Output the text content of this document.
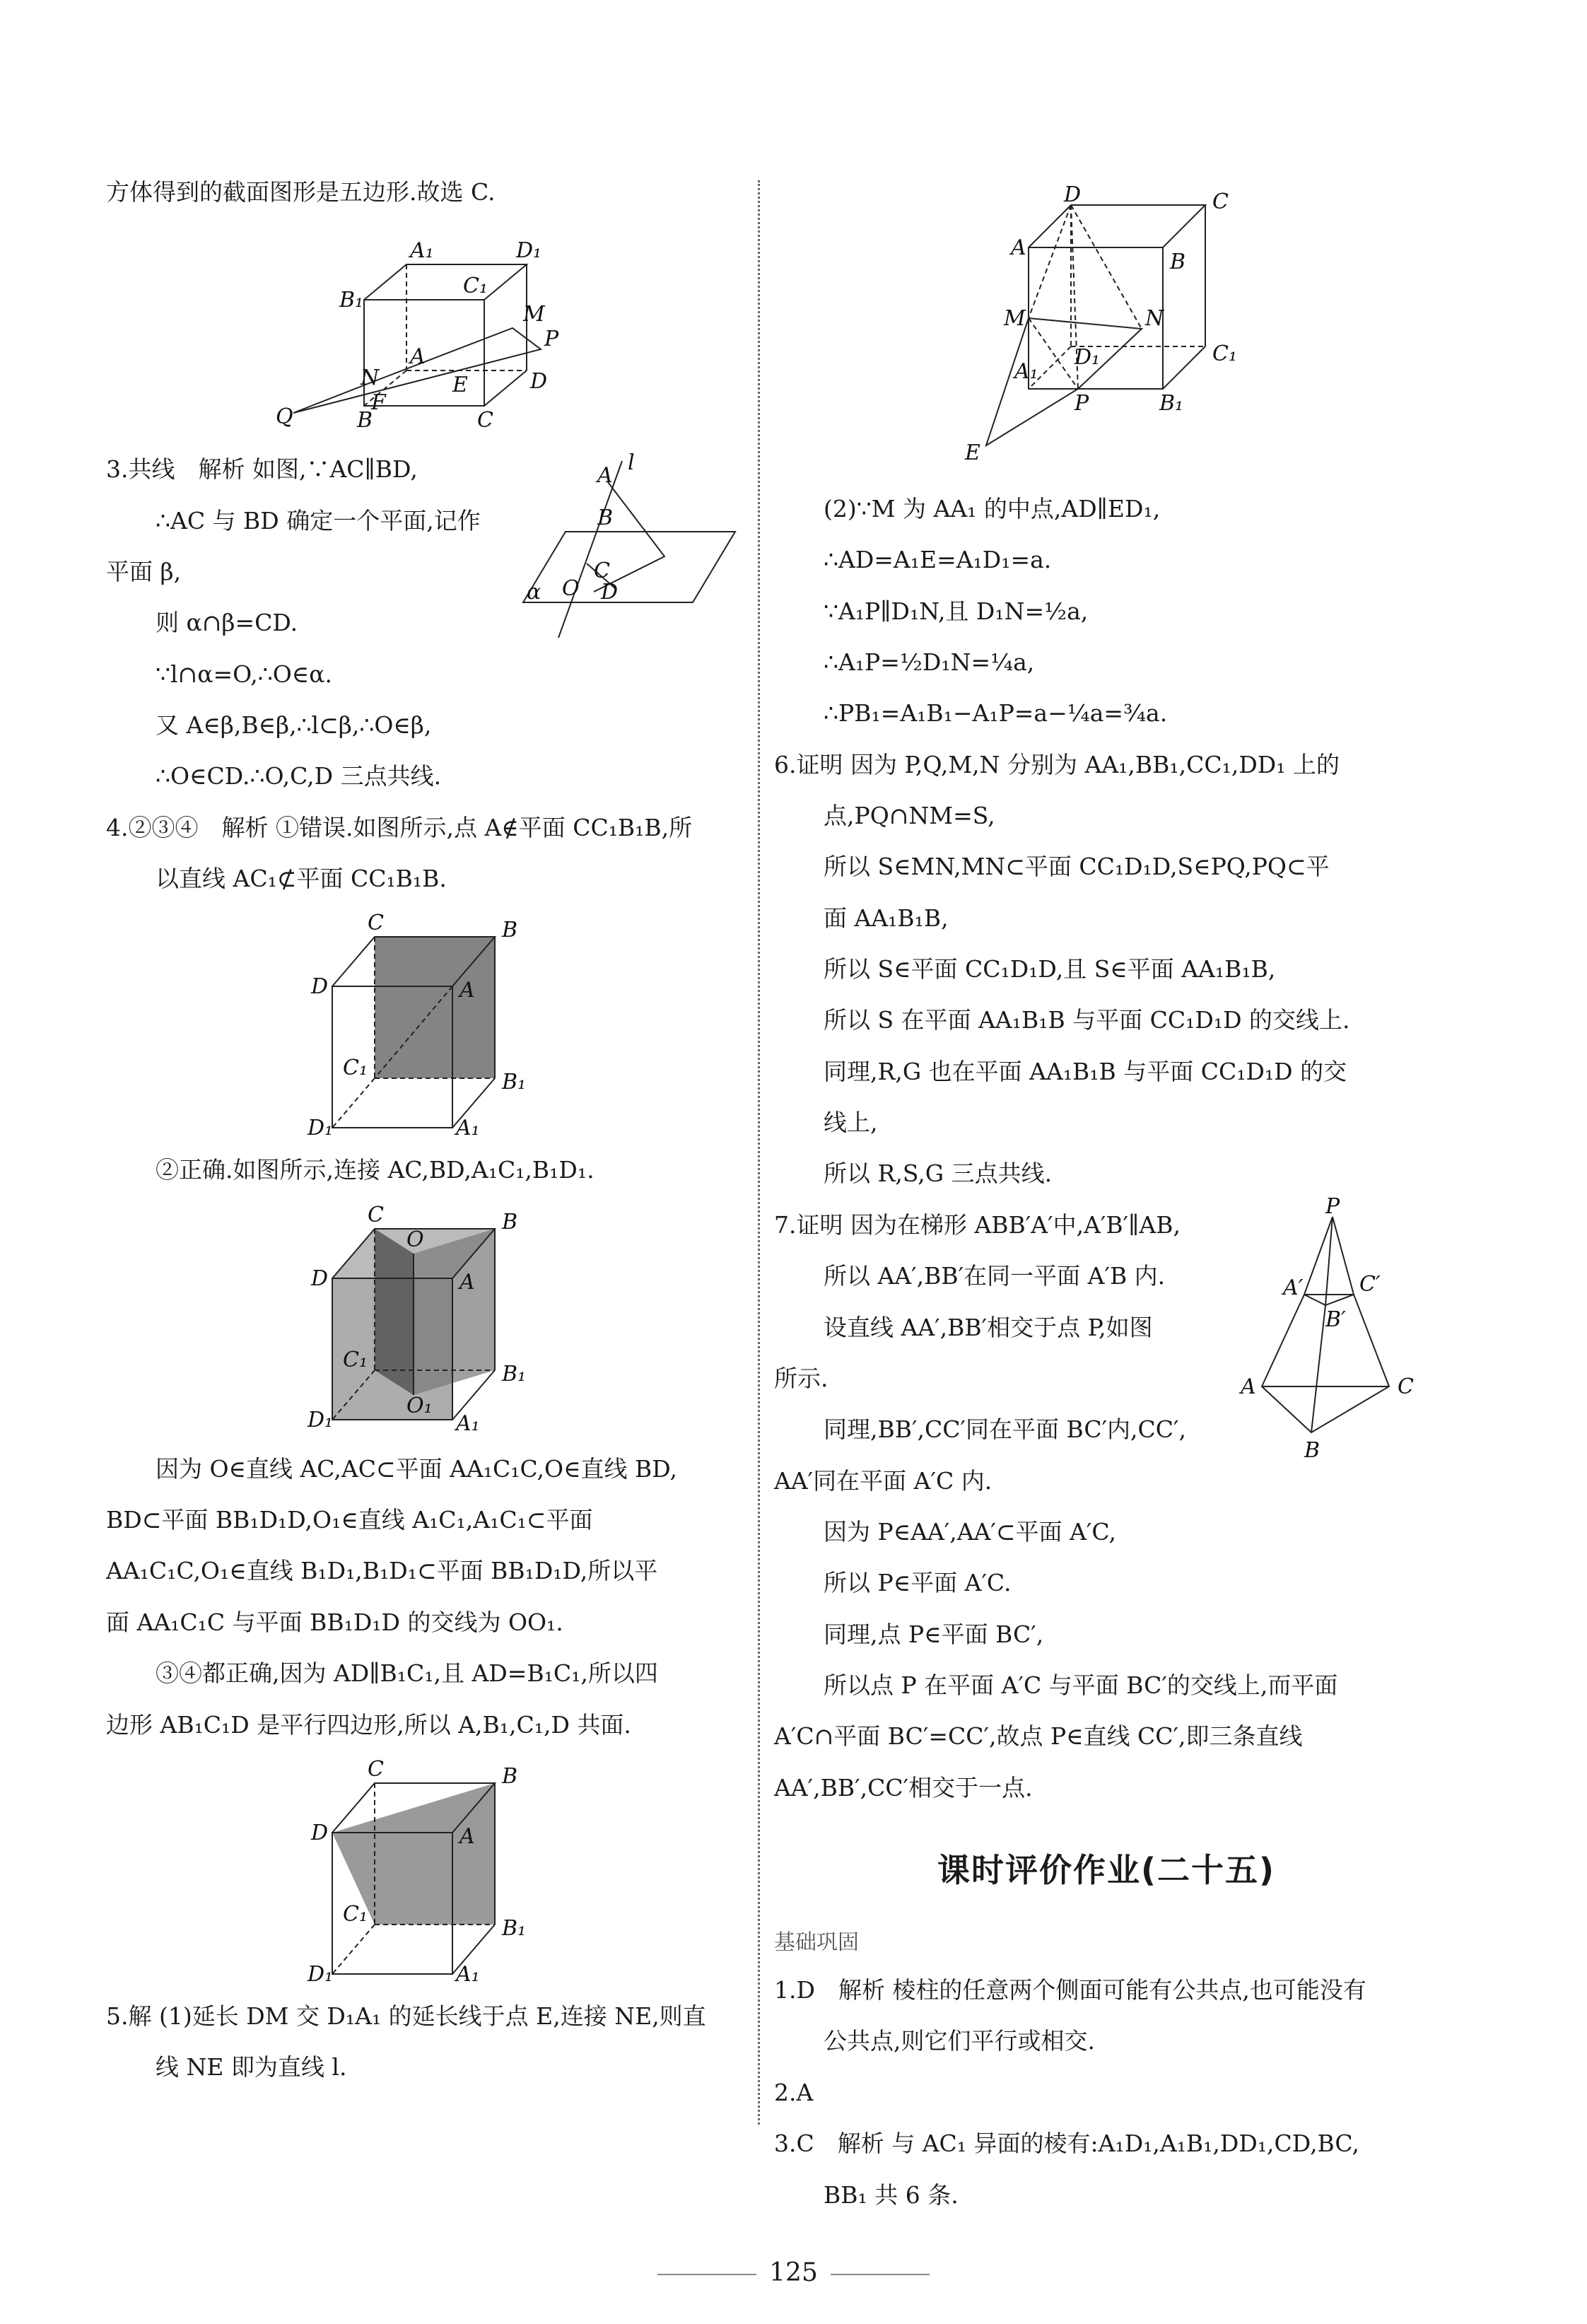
方体得到的截面图形是五边形.故选 C.

A₁	D₁
B₁
C₁
M
P
N
A
E	D
Q
F
B	C
A
l
B
O
C
D
α

3.共线　解析 如图,∵AC∥BD,

∴AC 与 BD 确定一个平面,记作

平面 β,

则 α∩β=CD.

∵l∩α=O,∴O∈α.

又 A∈β,B∈β,∴l⊂β,∴O∈β,

∴O∈CD.∴O,C,D 三点共线.

4.②③④　解析 ①错误.如图所示,点 A∉平面 CC₁B₁B,所

以直线 AC₁⊄平面 CC₁B₁B.

C	B
D	A
C₁
B₁
D₁	A₁

②正确.如图所示,连接 AC,BD,A₁C₁,B₁D₁.

C
O
B
D	A
C₁
B₁
D₁
O₁
A₁

因为 O∈直线 AC,AC⊂平面 AA₁C₁C,O∈直线 BD,

BD⊂平面 BB₁D₁D,O₁∈直线 A₁C₁,A₁C₁⊂平面

AA₁C₁C,O₁∈直线 B₁D₁,B₁D₁⊂平面 BB₁D₁D,所以平

面 AA₁C₁C 与平面 BB₁D₁D 的交线为 OO₁.

③④都正确,因为 AD∥B₁C₁,且 AD=B₁C₁,所以四

边形 AB₁C₁D 是平行四边形,所以 A,B₁,C₁,D 共面.

C	B
D	A
C₁
B₁
D₁	A₁

5.解 (1)延长 DM 交 D₁A₁ 的延长线于点 E,连接 NE,则直

线 NE 即为直线 l.

D	C
A
B
M	N
D₁	C₁
A₁
P	B₁
E

(2)∵M 为 AA₁ 的中点,AD∥ED₁,

∴AD=A₁E=A₁D₁=a.

∵A₁P∥D₁N,且 D₁N=½a,

∴A₁P=½D₁N=¼a,

∴PB₁=A₁B₁−A₁P=a−¼a=¾a.

6.证明 因为 P,Q,M,N 分别为 AA₁,BB₁,CC₁,DD₁ 上的

点,PQ∩NM=S,

所以 S∈MN,MN⊂平面 CC₁D₁D,S∈PQ,PQ⊂平

面 AA₁B₁B,

所以 S∈平面 CC₁D₁D,且 S∈平面 AA₁B₁B,

所以 S 在平面 AA₁B₁B 与平面 CC₁D₁D 的交线上.

同理,R,G 也在平面 AA₁B₁B 与平面 CC₁D₁D 的交

线上,

所以 R,S,G 三点共线.

P
A′	C′
B′
A	C
B

7.证明 因为在梯形 ABB′A′中,A′B′∥AB,

所以 AA′,BB′在同一平面 A′B 内.

设直线 AA′,BB′相交于点 P,如图

所示.

同理,BB′,CC′同在平面 BC′内,CC′,

AA′同在平面 A′C 内.

因为 P∈AA′,AA′⊂平面 A′C,

所以 P∈平面 A′C.

同理,点 P∈平面 BC′,

所以点 P 在平面 A′C 与平面 BC′的交线上,而平面

A′C∩平面 BC′=CC′,故点 P∈直线 CC′,即三条直线

AA′,BB′,CC′相交于一点.

课时评价作业(二十五)

基础巩固

1.D　解析 棱柱的任意两个侧面可能有公共点,也可能没有

公共点,则它们平行或相交.

2.A

3.C　解析 与 AC₁ 异面的棱有:A₁D₁,A₁B₁,DD₁,CD,BC,

BB₁ 共 6 条.

125
